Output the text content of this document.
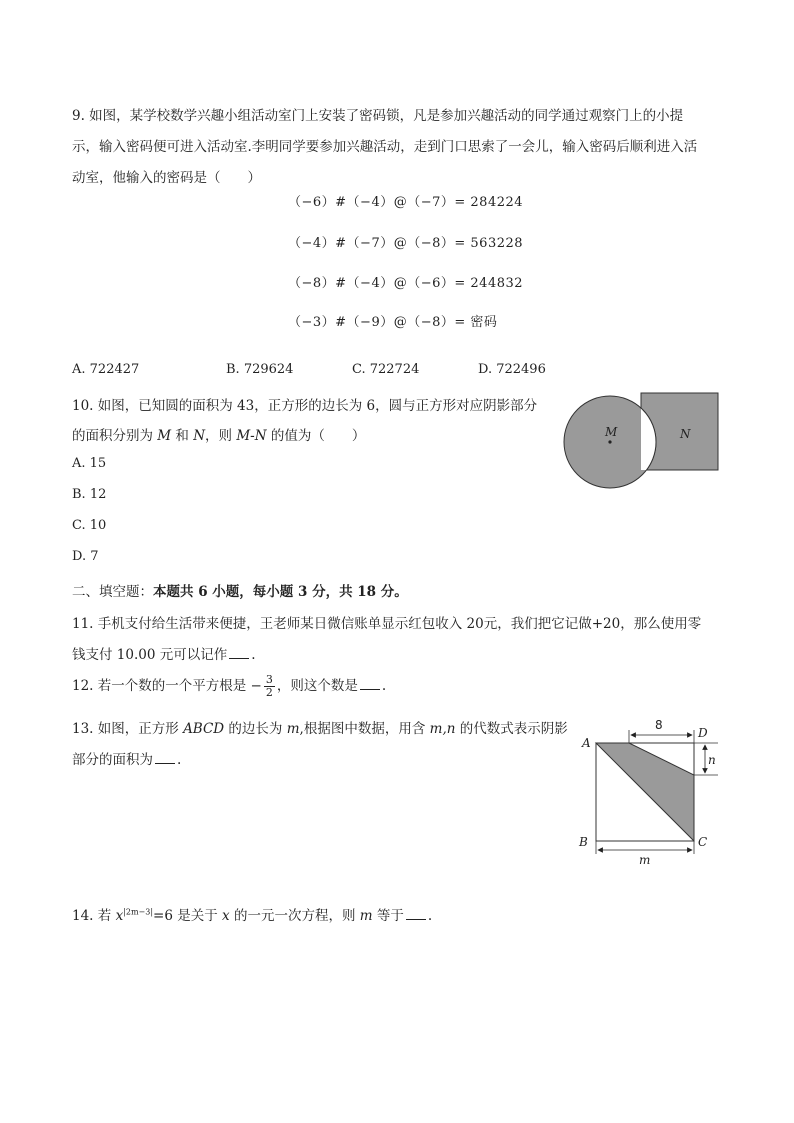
9. 如图，某学校数学兴趣小组活动室门上安装了密码锁，凡是参加兴趣活动的同学通过观察门上的小提
示，输入密码便可进入活动室.李明同学要参加兴趣活动，走到门口思索了一会儿，输入密码后顺利进入活
动室，他输入的密码是（　　）
（−6）#（−4）@（−7）= 284224
（−4）#（−7）@（−8）= 563228
（−8）#（−4）@（−6）= 244832
（−3）#（−9）@（−8）= 密码
A. 722427	B. 729624	C. 722724	D. 722496
10. 如图，已知圆的面积为 43，正方形的边长为 6，圆与正方形对应阴影部分
的面积分别为 M 和 N，则 M-N 的值为（　　）
A. 15
B. 12
C. 10
D. 7
M	N
二、填空题：本题共 6 小题，每小题 3 分，共 18 分。
11. 手机支付给生活带来便捷，王老师某日微信账单显示红包收入 20元，我们把它记做+20，那么使用零
钱支付 10.00 元可以记作 .
12. 若一个数的一个平方根是 − $\frac{3}{2}$ ，则这个数是 .
13. 如图，正方形 ABCD 的边长为 m,根据图中数据，用含 m,n 的代数式表示阴影
部分的面积为 .
8
n
m
A
D
B	C
14. 若 $x^{|2m-3|}=6$ 是关于 x 的一元一次方程，则 m 等于 .
